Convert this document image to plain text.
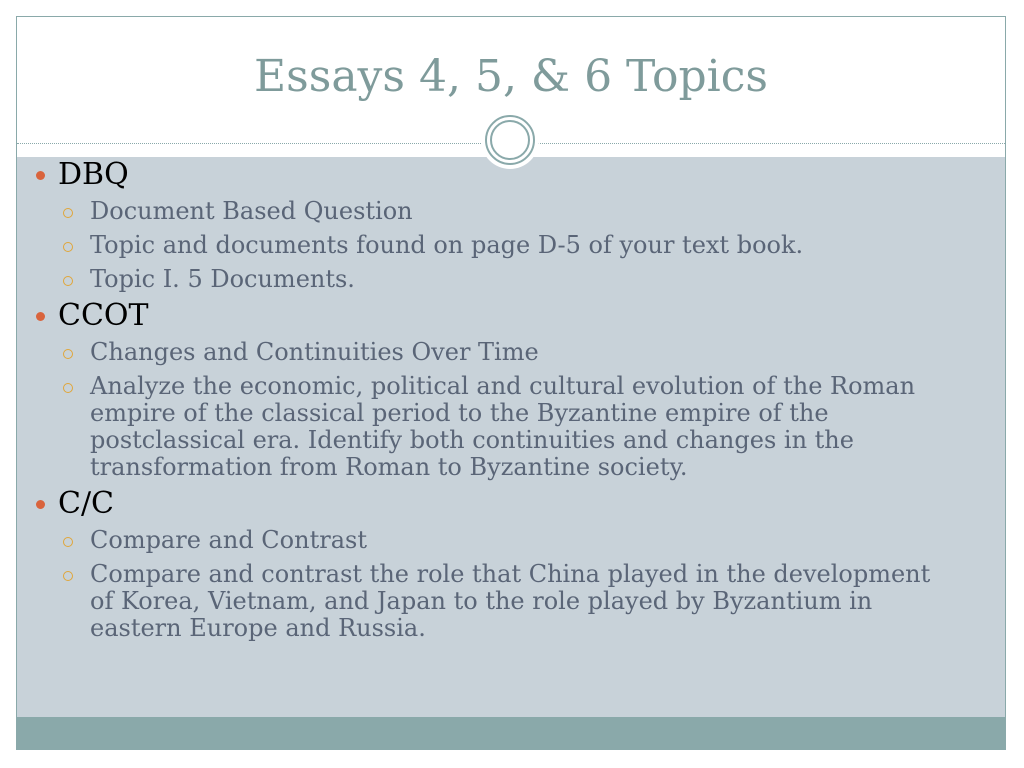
Essays 4, 5, & 6 Topics
DBQ
Document Based Question
Topic and documents found on page D-5 of your text book.
Topic I. 5 Documents.
CCOT
Changes and Continuities Over Time
Analyze the economic, political and cultural evolution of the Roman empire of the classical period to the Byzantine empire of the postclassical era. Identify both continuities and changes in the transformation from Roman to Byzantine society.
C/C
Compare and Contrast
Compare and contrast the role that China played in the development of Korea, Vietnam, and Japan to the role played by Byzantium in eastern Europe and Russia.
